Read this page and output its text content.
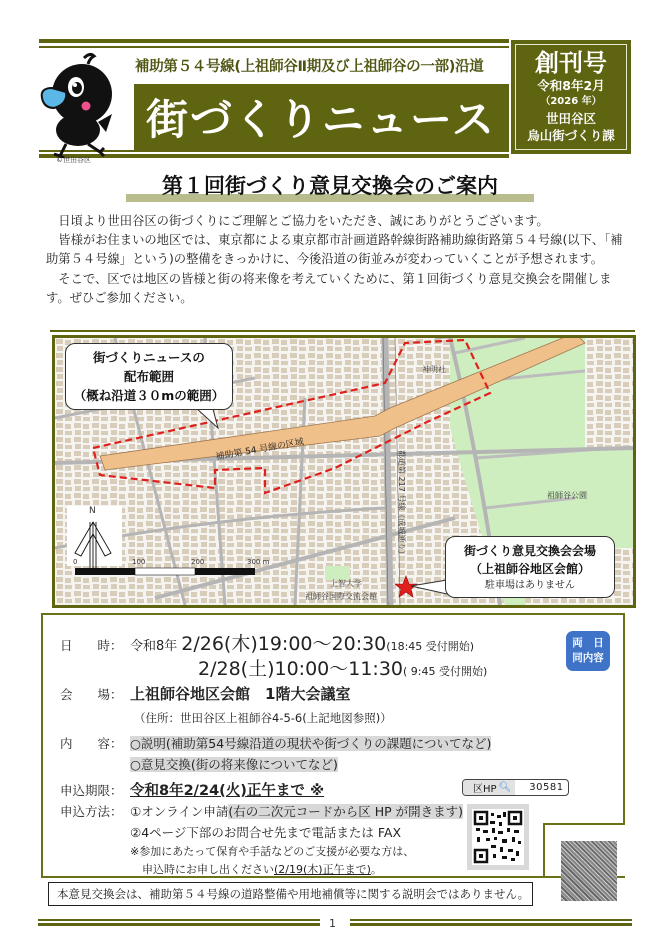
©世田谷区
補助第５４号線(上祖師谷Ⅱ期及び上祖師谷の一部)沿道
街づくりニュース
創刊号
令和8年2月
（2026 年）
世田谷区
烏山街づくり課
第１回街づくり意見交換会のご案内

日頃より世田谷区の街づくりにご理解とご協力をいただき、誠にありがとうございます。

皆様がお住まいの地区では、東京都による東京都市計画道路幹線街路補助線街路第５４号線(以下、「補助第５４号線」という)の整備をきっかけに、今後沿道の街並みが変わっていくことが予想されます。

そこで、区では地区の皆様と街の将来像を考えていくために、第１回街づくり意見交換会を開催します。ぜひご参加ください。

街づくりニュースの
配布範囲
（概ね沿道３０mの範囲）
補助第 54 号線の区域
神明社
祖師谷公園
都道第 217 号線（成城通り）
上智大学
祖師谷国際交流会館
N
0	100	200	300 m
街づくり意見交換会会場
（上祖師谷地区会館）
駐車場はありません
日　　時： 令和8年 2/26(木)19:00～20:30(18:45 受付開始)
2/28(土)10:00～11:30( 9:45 受付開始)
両　日
同内容
会　　場： 上祖師谷地区会館　1階大会議室
（住所：世田谷区上祖師谷4-5-6(上記地図参照)）
内　　容： ○説明(補助第54号線沿道の現状や街づくりの課題についてなど)
○意見交換(街の将来像についてなど)
申込期限： 令和8年2/24(火)正午まで ※	区HP 🔍︎	30581
申込方法： ①オンライン申請(右の二次元コードから区 HP が開きます)
②4ページ下部のお問合せ先まで電話または FAX
※参加にあたって保育や手話などのご支援が必要な方は、
申込時にお申し出ください(2/19(木)正午まで)。
本意見交換会は、補助第５４号線の道路整備や用地補償等に関する説明会ではありません。
1
